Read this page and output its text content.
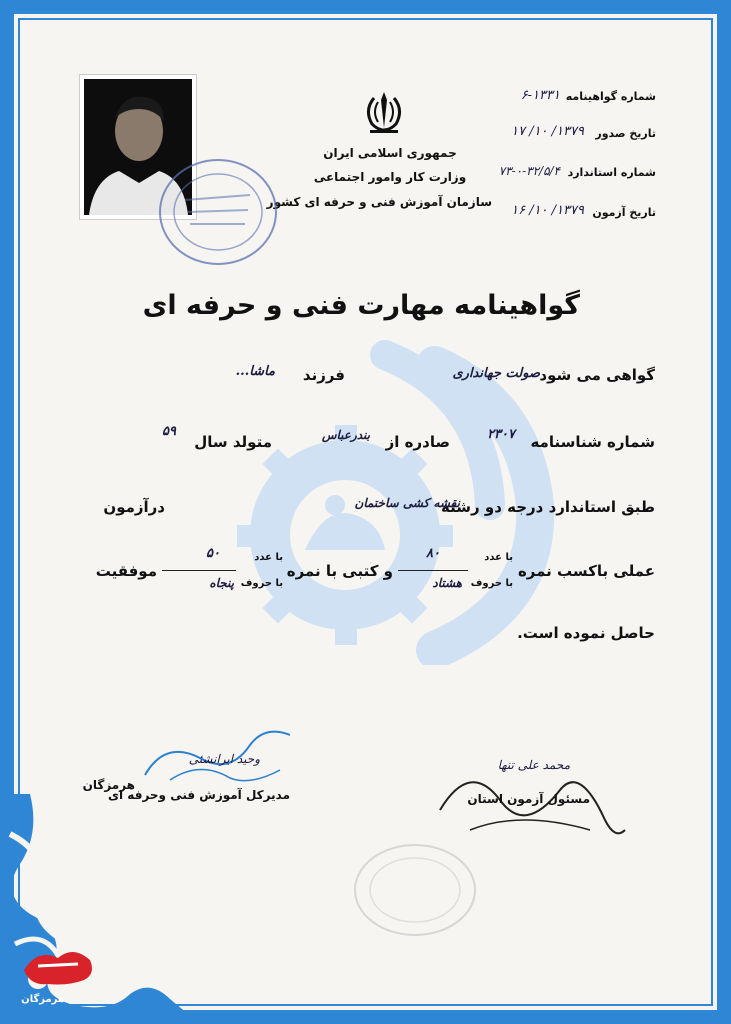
جمهوری اسلامی ایران
وزارت کار وامور اجتماعی
سازمان آموزش فنی و حرفه ای کشور
شماره گواهینامه
۶-۱۳۳۱
تاریخ صدور
۱۳۷۹/ ۱۰/ ۱۷
شماره استاندارد
۷۳-۰-۳۲/۵/۴
تاریخ آزمون
۱۳۷۹/ ۱۰/ ۱۶
گواهینامه مهارت فنی و حرفه ای
گواهی می شود
صولت جهانداری
فرزند
ماشا...
شماره شناسنامه
۲۳۰۷
صادره از
بندرعباس
متولد سال
۵۹
طبق استاندارد درجه دو رشته
نقشه کشی ساختمان
درآزمون
عملی باکسب نمره
با عدد
با حروف
۸۰
هشتاد
و کتبی با نمره
با عدد
با حروف
۵۰
پنجاه
موفقیت
حاصل نموده است.
وحید ایرانشئی
مدیرکل آموزش فنی وحرفه ای
هرمزگان
محمد علی تنها
مسئول آزمون استان
هرمزگان
